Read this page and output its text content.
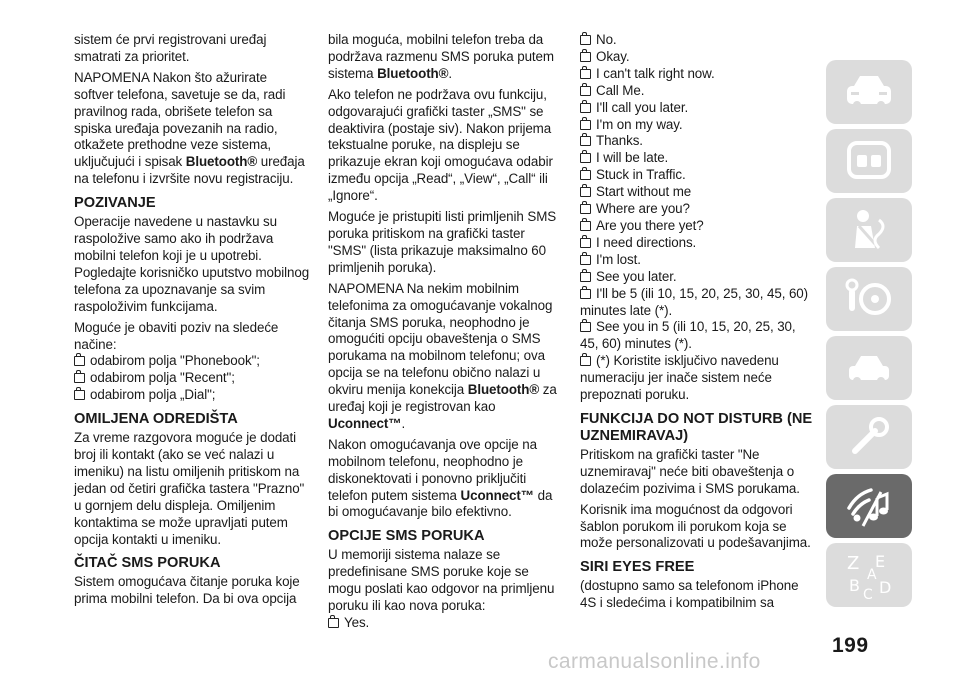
sistem će prvi registrovani uređaj smatrati za prioritet.
NAPOMENA Nakon što ažurirate softver telefona, savetuje se da, radi pravilnog rada, obrišete telefon sa spiska uređaja povezanih na radio, otkažete prethodne veze sistema, uključujući i spisak Bluetooth® uređaja na telefonu i izvršite novu registraciju.
POZIVANJE
Operacije navedene u nastavku su raspoložive samo ako ih podržava mobilni telefon koji je u upotrebi. Pogledajte korisničko uputstvo mobilnog telefona za upoznavanje sa svim raspoloživim funkcijama.
Moguće je obaviti poziv na sledeće načine:
odabirom polja "Phonebook";
odabirom polja "Recent";
odabirom polja „Dial";
OMILJENA ODREDIŠTA
Za vreme razgovora moguće je dodati broj ili kontakt (ako se već nalazi u imeniku) na listu omiljenih pritiskom na jedan od četiri grafička tastera "Prazno" u gornjem delu displeja. Omiljenim kontaktima se može upravljati putem opcija kontakti u imeniku.
ČITAČ SMS PORUKA
Sistem omogućava čitanje poruka koje prima mobilni telefon. Da bi ova opcija
bila moguća, mobilni telefon treba da podržava razmenu SMS poruka putem sistema Bluetooth®.
Ako telefon ne podržava ovu funkciju, odgovarajući grafički taster „SMS" se deaktivira (postaje siv). Nakon prijema tekstualne poruke, na displeju se prikazuje ekran koji omogućava odabir između opcija „Read“, „View“, „Call“ ili „Ignore“.
Moguće je pristupiti listi primljenih SMS poruka pritiskom na grafički taster "SMS" (lista prikazuje maksimalno 60 primljenih poruka).
NAPOMENA Na nekim mobilnim telefonima za omogućavanje vokalnog čitanja SMS poruka, neophodno je omogućiti opciju obaveštenja o SMS porukama na mobilnom telefonu; ova opcija se na telefonu obično nalazi u okviru menija konekcija Bluetooth® za uređaj koji je registrovan kao Uconnect™.
Nakon omogućavanja ove opcije na mobilnom telefonu, neophodno je diskonektovati i ponovno priključiti telefon putem sistema Uconnect™ da bi omogućavanje bilo efektivno.
OPCIJE SMS PORUKA
U memoriji sistema nalaze se predefinisane SMS poruke koje se mogu poslati kao odgovor na primljenu poruku ili kao nova poruka:
Yes.
No.
Okay.
I can't talk right now.
Call Me.
I'll call you later.
I'm on my way.
Thanks.
I will be late.
Stuck in Traffic.
Start without me
Where are you?
Are you there yet?
I need directions.
I'm lost.
See you later.
I'll be 5 (ili 10, 15, 20, 25, 30, 45, 60) minutes late (*).
See you in 5 (ili 10, 15, 20, 25, 30, 45, 60) minutes (*).
(*) Koristite isključivo navedenu numeraciju jer inače sistem neće prepoznati poruku.
FUNKCIJA DO NOT DISTURB (NE UZNEMIRAVAJ)
Pritiskom na grafički taster "Ne uznemiravaj" neće biti obaveštenja o dolazećim pozivima i SMS porukama.
Korisnik ima mogućnost da odgovori šablon porukom ili porukom koja se može personalizovati u podešavanjima.
SIRI EYES FREE
(dostupno samo sa telefonom iPhone 4S i sledećima i kompatibilnim sa
Z E
B C D
A
199
carmanualsonline.info
